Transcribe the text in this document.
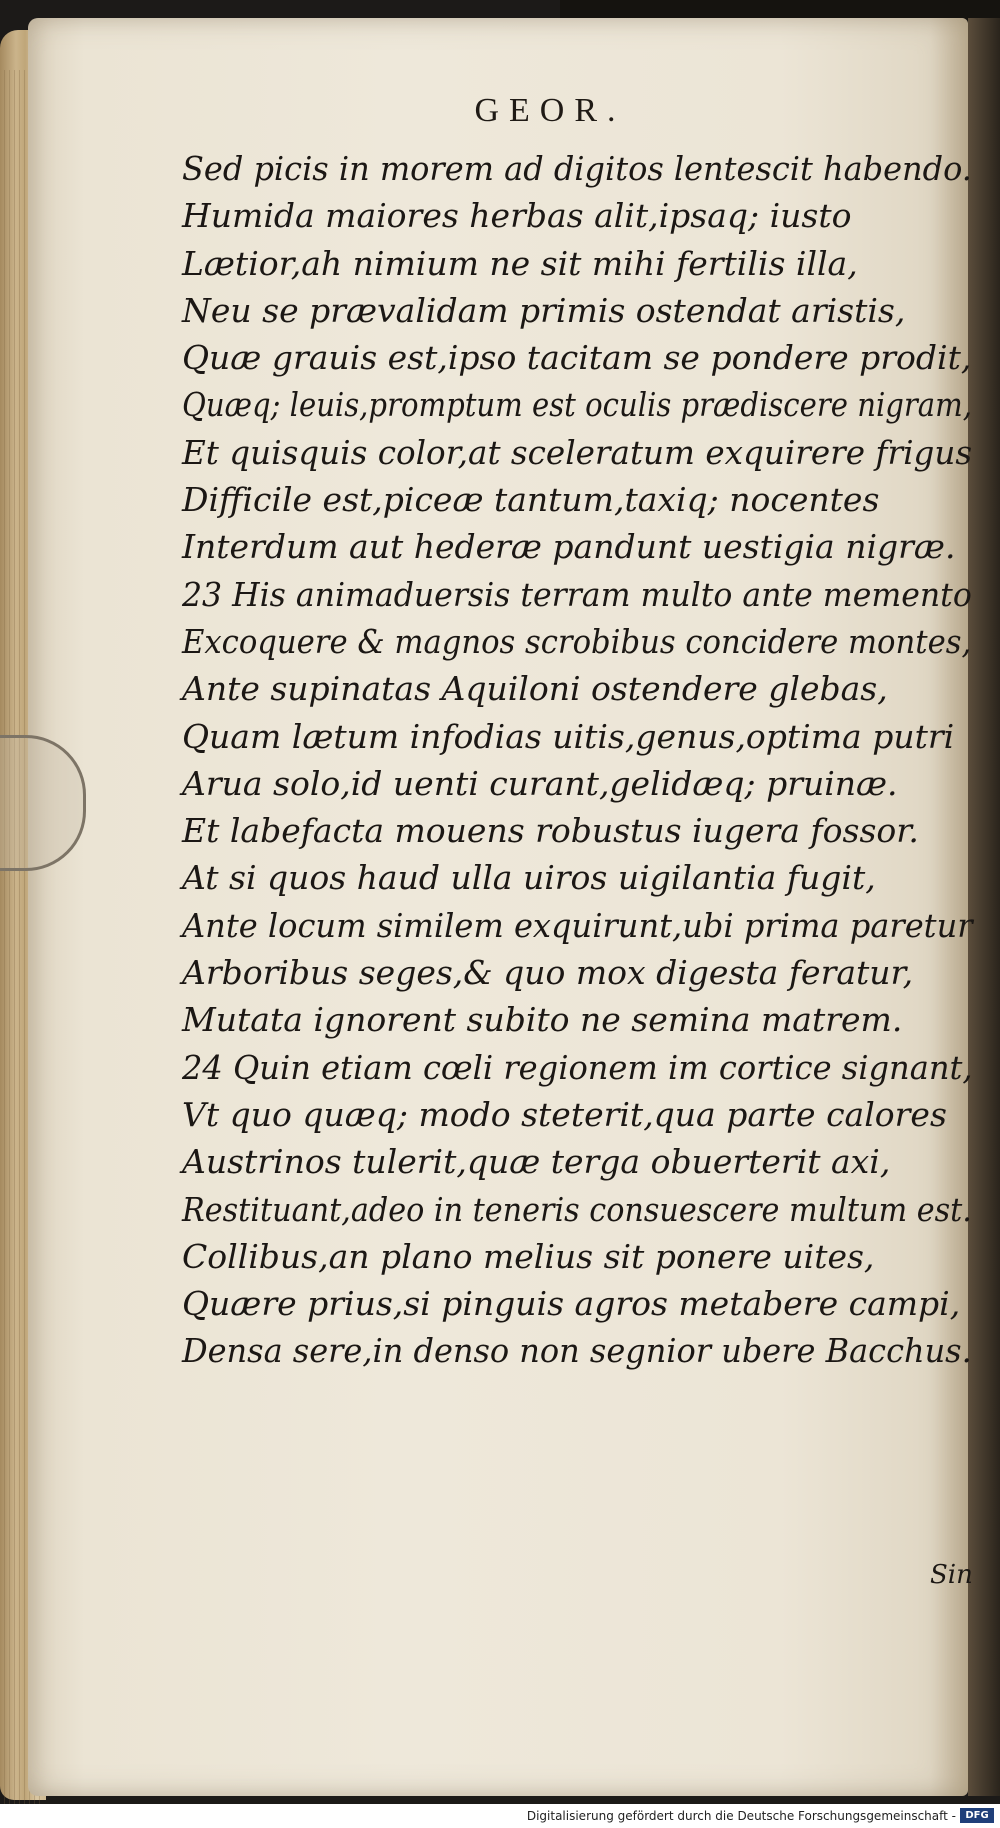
GEOR.
Sed picis in morem ad digitos lentescit habendo.
Humida maiores herbas alit,ipsaq; iusto
Lætior,ah nimium ne sit mihi fertilis illa,
Neu se prævalidam primis ostendat aristis,
Quæ grauis est,ipso tacitam se pondere prodit,
Quæq; leuis,promptum est oculis prædiscere nigram,
Et quisquis color,at sceleratum exquirere frigus
Difficile est,piceæ tantum,taxiq; nocentes
Interdum aut hederæ pandunt uestigia nigræ.
23 His animaduersis terram multo ante memento
Excoquere & magnos scrobibus concidere montes,
Ante supinatas Aquiloni ostendere glebas,
Quam lætum infodias uitis,genus,optima putri
Arua solo,id uenti curant,gelidæq; pruinæ.
Et labefacta mouens robustus iugera fossor.
At si quos haud ulla uiros uigilantia fugit,
Ante locum similem exquirunt,ubi prima paretur
Arboribus seges,& quo mox digesta feratur,
Mutata ignorent subito ne semina matrem.
24 Quin etiam cœli regionem im cortice signant,
Vt quo quæq; modo steterit,qua parte calores
Austrinos tulerit,quæ terga obuerterit axi,
Restituant,adeo in teneris consuescere multum est.
Collibus,an plano melius sit ponere uites,
Quære prius,si pinguis agros metabere campi,
Densa sere,in denso non segnior ubere Bacchus.
Sin
Digitalisierung gefördert durch die Deutsche Forschungsgemeinschaft - DFG
